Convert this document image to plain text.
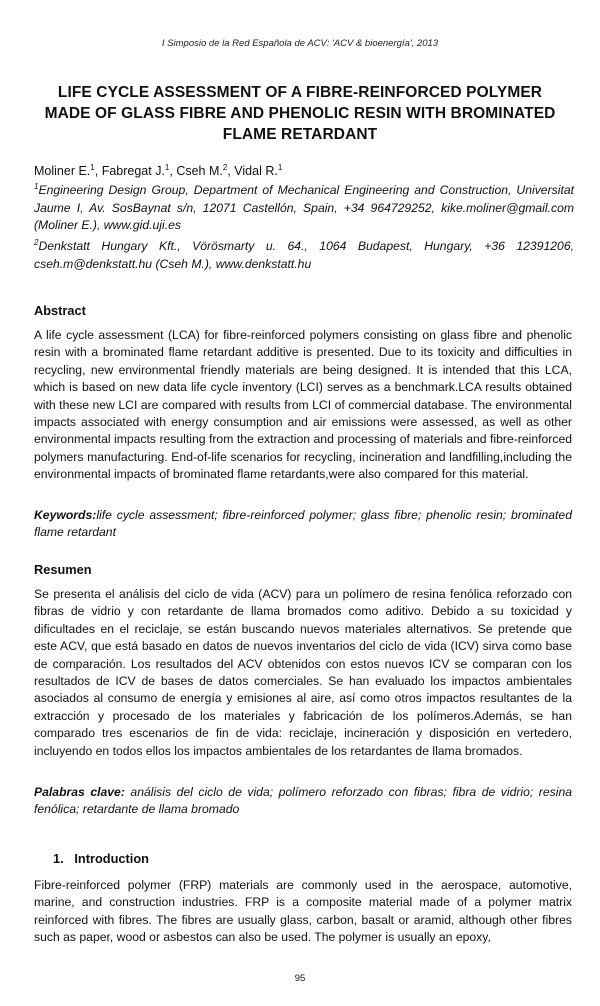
I Simposio de la Red Española de ACV: 'ACV & bioenergía', 2013
LIFE CYCLE ASSESSMENT OF A FIBRE-REINFORCED POLYMER MADE OF GLASS FIBRE AND PHENOLIC RESIN WITH BROMINATED FLAME RETARDANT
Moliner E.$^1$, Fabregat J.$^1$, Cseh M.$^2$, Vidal R.$^1$
$^1$Engineering Design Group, Department of Mechanical Engineering and Construction, Universitat Jaume I, Av. SosBaynat s/n, 12071 Castellón, Spain, +34 964729252, kike.moliner@gmail.com (Moliner E.), www.gid.uji.es
$^2$Denkstatt Hungary Kft., Vörösmarty u. 64., 1064 Budapest, Hungary, +36 12391206, cseh.m@denkstatt.hu (Cseh M.), www.denkstatt.hu
Abstract
A life cycle assessment (LCA) for fibre-reinforced polymers consisting on glass fibre and phenolic resin with a brominated flame retardant additive is presented. Due to its toxicity and difficulties in recycling, new environmental friendly materials are being designed. It is intended that this LCA, which is based on new data life cycle inventory (LCI) serves as a benchmark.LCA results obtained with these new LCI are compared with results from LCI of commercial database. The environmental impacts associated with energy consumption and air emissions were assessed, as well as other environmental impacts resulting from the extraction and processing of materials and fibre-reinforced polymers manufacturing. End-of-life scenarios for recycling, incineration and landfilling,including the environmental impacts of brominated flame retardants,were also compared for this material.
Keywords:life cycle assessment; fibre-reinforced polymer; glass fibre; phenolic resin; brominated flame retardant
Resumen
Se presenta el análisis del ciclo de vida (ACV) para un polímero de resina fenólica reforzado con fibras de vidrio y con retardante de llama bromados como aditivo. Debido a su toxicidad y dificultades en el reciclaje, se están buscando nuevos materiales alternativos. Se pretende que este ACV, que está basado en datos de nuevos inventarios del ciclo de vida (ICV) sirva como base de comparación. Los resultados del ACV obtenidos con estos nuevos ICV se comparan con los resultados de ICV de bases de datos comerciales. Se han evaluado los impactos ambientales asociados al consumo de energía y emisiones al aire, así como otros impactos resultantes de la extracción y procesado de los materiales y fabricación de los polímeros.Además, se han comparado tres escenarios de fin de vida: reciclaje, incineración y disposición en vertedero, incluyendo en todos ellos los impactos ambientales de los retardantes de llama bromados.
Palabras clave: análisis del ciclo de vida; polímero reforzado con fibras; fibra de vidrio; resina fenólica; retardante de llama bromado
1.   Introduction
Fibre-reinforced polymer (FRP) materials are commonly used in the aerospace, automotive, marine, and construction industries. FRP is a composite material made of a polymer matrix reinforced with fibres. The fibres are usually glass, carbon, basalt or aramid, although other fibres such as paper, wood or asbestos can also be used. The polymer is usually an epoxy,
95
